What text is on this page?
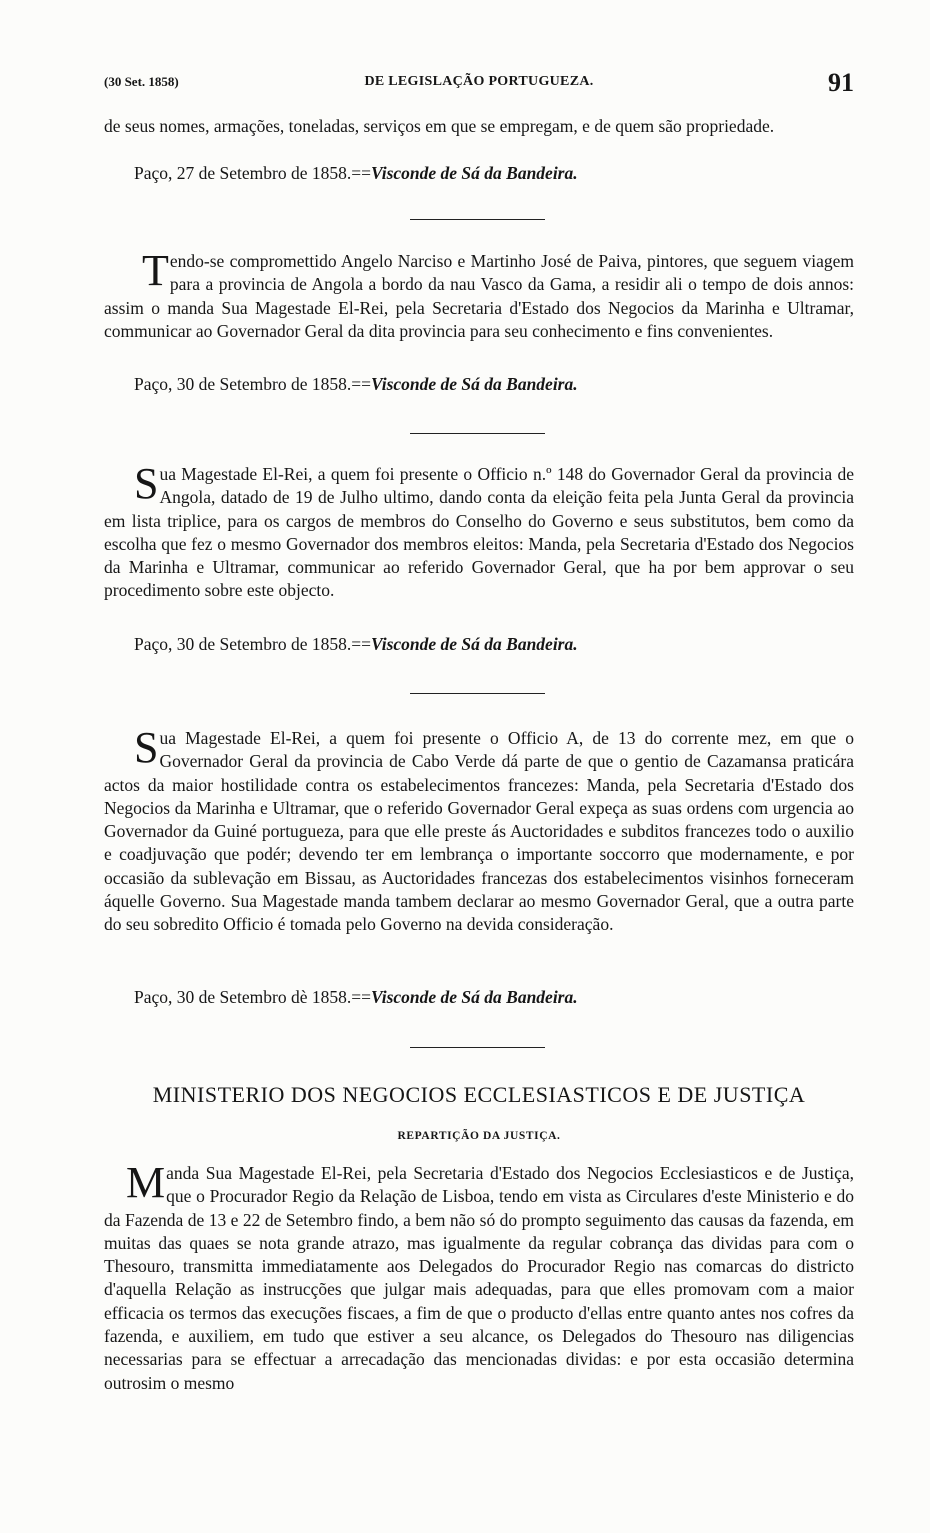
(30 Set. 1858)	DE LEGISLAÇÃO PORTUGUEZA.	91

de seus nomes, armações, toneladas, serviços em que se empregam, e de quem são propriedade.

Paço, 27 de Setembro de 1858.==Visconde de Sá da Bandeira.

Tendo-se compromettido Angelo Narciso e Martinho José de Paiva, pintores, que seguem viagem para a provincia de Angola a bordo da nau Vasco da Gama, a residir ali o tempo de dois annos: assim o manda Sua Magestade El-Rei, pela Secretaria d'Estado dos Negocios da Marinha e Ultramar, communicar ao Governador Geral da dita provincia para seu conhecimento e fins convenientes.

Paço, 30 de Setembro de 1858.==Visconde de Sá da Bandeira.

Sua Magestade El-Rei, a quem foi presente o Officio n.º 148 do Governador Geral da provincia de Angola, datado de 19 de Julho ultimo, dando conta da eleição feita pela Junta Geral da provincia em lista triplice, para os cargos de membros do Conselho do Governo e seus substitutos, bem como da escolha que fez o mesmo Governador dos membros eleitos: Manda, pela Secretaria d'Estado dos Negocios da Marinha e Ultramar, communicar ao referido Governador Geral, que ha por bem approvar o seu procedimento sobre este objecto.

Paço, 30 de Setembro de 1858.==Visconde de Sá da Bandeira.

Sua Magestade El-Rei, a quem foi presente o Officio A, de 13 do corrente mez, em que o Governador Geral da provincia de Cabo Verde dá parte de que o gentio de Cazamansa praticára actos da maior hostilidade contra os estabelecimentos francezes: Manda, pela Secretaria d'Estado dos Negocios da Marinha e Ultramar, que o referido Governador Geral expeça as suas ordens com urgencia ao Governador da Guiné portugueza, para que elle preste ás Auctoridades e subditos francezes todo o auxilio e coadjuvação que podér; devendo ter em lembrança o importante soccorro que modernamente, e por occasião da sublevação em Bissau, as Auctoridades francezas dos estabelecimentos visinhos forneceram áquelle Governo. Sua Magestade manda tambem declarar ao mesmo Governador Geral, que a outra parte do seu sobredito Officio é tomada pelo Governo na devida consideração.

Paço, 30 de Setembro dè 1858.==Visconde de Sá da Bandeira.

MINISTERIO DOS NEGOCIOS ECCLESIASTICOS E DE JUSTIÇA
REPARTIÇÃO DA JUSTIÇA.
Manda Sua Magestade El-Rei, pela Secretaria d'Estado dos Negocios Ecclesiasticos e de Justiça, que o Procurador Regio da Relação de Lisboa, tendo em vista as Circulares d'este Ministerio e do da Fazenda de 13 e 22 de Setembro findo, a bem não só do prompto seguimento das causas da fazenda, em muitas das quaes se nota grande atrazo, mas igualmente da regular cobrança das dividas para com o Thesouro, transmitta immediatamente aos Delegados do Procurador Regio nas comarcas do districto d'aquella Relação as instrucções que julgar mais adequadas, para que elles promovam com a maior efficacia os termos das execuções fiscaes, a fim de que o producto d'ellas entre quanto antes nos cofres da fazenda, e auxiliem, em tudo que estiver a seu alcance, os Delegados do Thesouro nas diligencias necessarias para se effectuar a arrecadação das mencionadas dividas: e por esta occasião determina outrosim o mesmo
